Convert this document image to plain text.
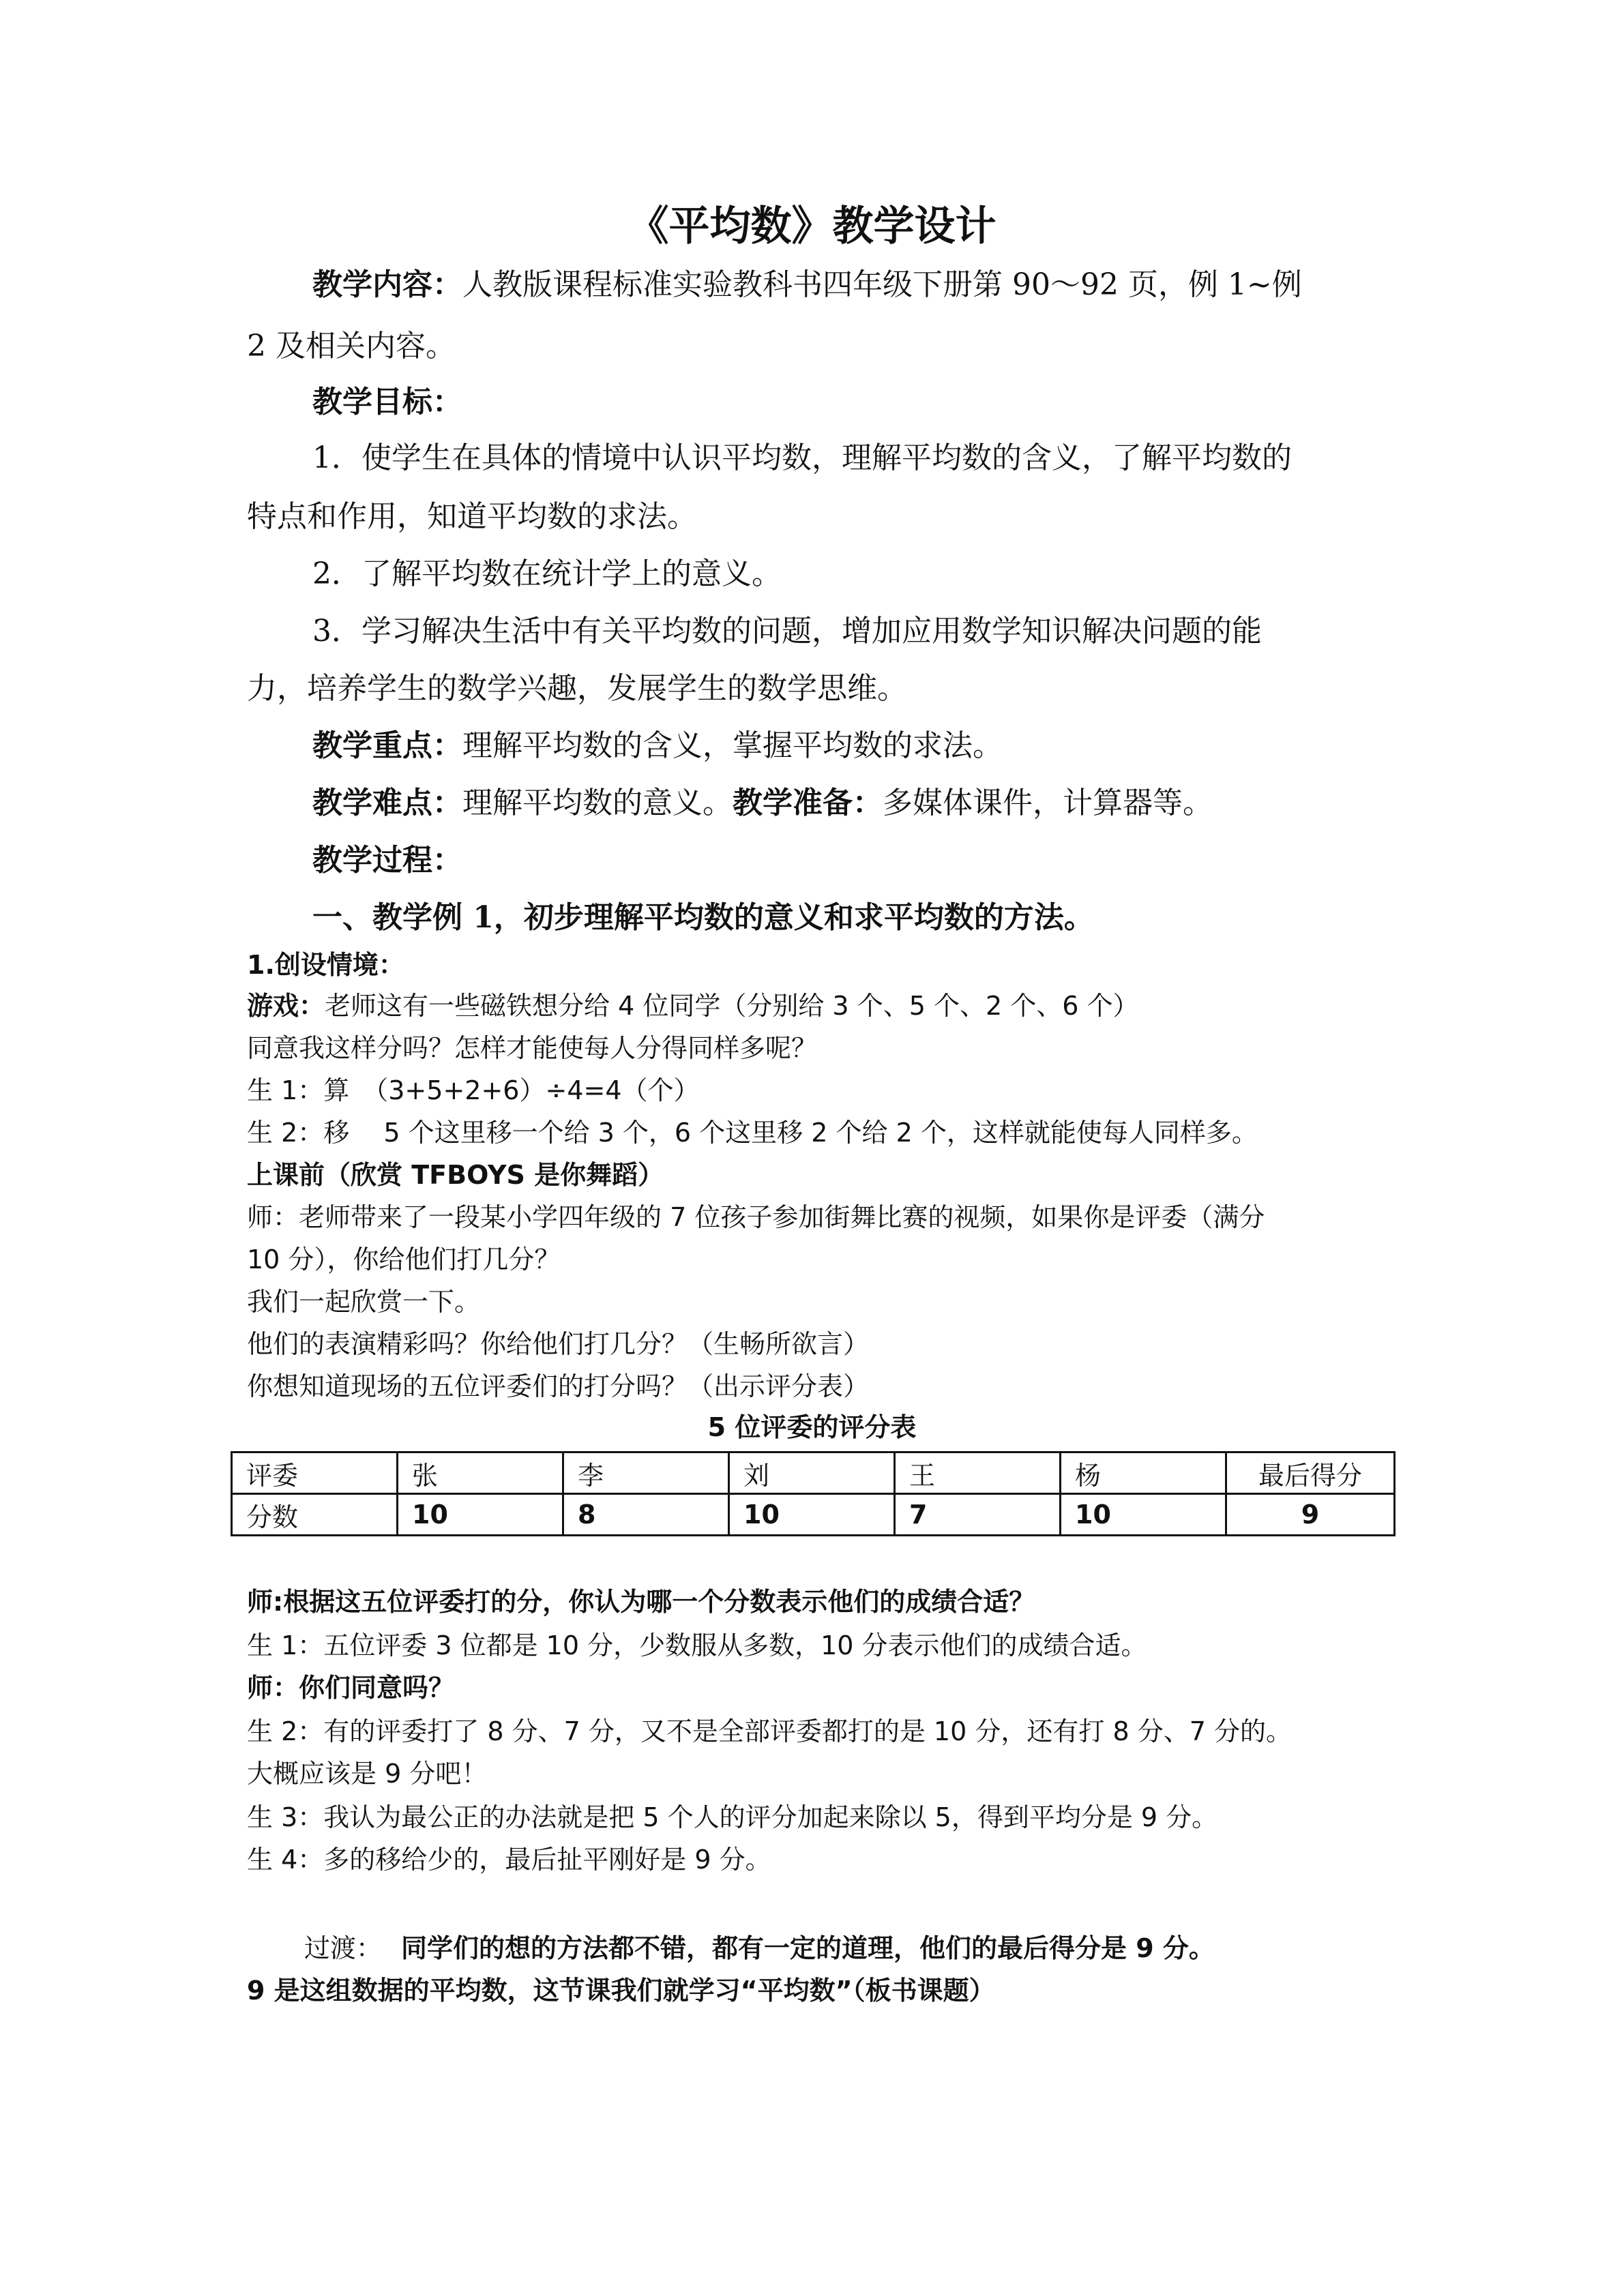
《平均数》教学设计
教学内容：人教版课程标准实验教科书四年级下册第 90～92 页，例 1~例
2 及相关内容。
教学目标：
1．使学生在具体的情境中认识平均数，理解平均数的含义，了解平均数的
特点和作用，知道平均数的求法。
2．了解平均数在统计学上的意义。
3．学习解决生活中有关平均数的问题，增加应用数学知识解决问题的能
力，培养学生的数学兴趣，发展学生的数学思维。
教学重点：理解平均数的含义，掌握平均数的求法。
教学难点：理解平均数的意义。教学准备：多媒体课件，计算器等。
教学过程：
一、教学例 1，初步理解平均数的意义和求平均数的方法。
1.创设情境：
游戏：老师这有一些磁铁想分给 4 位同学（分别给 3 个、5 个、2 个、6 个）
同意我这样分吗？怎样才能使每人分得同样多呢？
生 1：算　（3+5+2+6）÷4=4（个）
生 2：移　 5 个这里移一个给 3 个，6 个这里移 2 个给 2 个，这样就能使每人同样多。
上课前（欣赏 TFBOYS 是你舞蹈）
师：老师带来了一段某小学四年级的 7 位孩子参加街舞比赛的视频，如果你是评委（满分
10 分），你给他们打几分？
我们一起欣赏一下。
他们的表演精彩吗？你给他们打几分？（生畅所欲言）
你想知道现场的五位评委们的打分吗？（出示评分表）
5 位评委的评分表
评委	张	李	刘	王	杨	最后得分
分数	10	8	10	7	10	9
师:根据这五位评委打的分，你认为哪一个分数表示他们的成绩合适？
生 1：五位评委 3 位都是 10 分，少数服从多数，10 分表示他们的成绩合适。
师：你们同意吗？
生 2：有的评委打了 8 分、7 分，又不是全部评委都打的是 10 分，还有打 8 分、7 分的。
大概应该是 9 分吧！
生 3：我认为最公正的办法就是把 5 个人的评分加起来除以 5，得到平均分是 9 分。
生 4：多的移给少的，最后扯平刚好是 9 分。
过渡： 同学们的想的方法都不错，都有一定的道理，他们的最后得分是 9 分。
9 是这组数据的平均数，这节课我们就学习“平均数”（板书课题）
